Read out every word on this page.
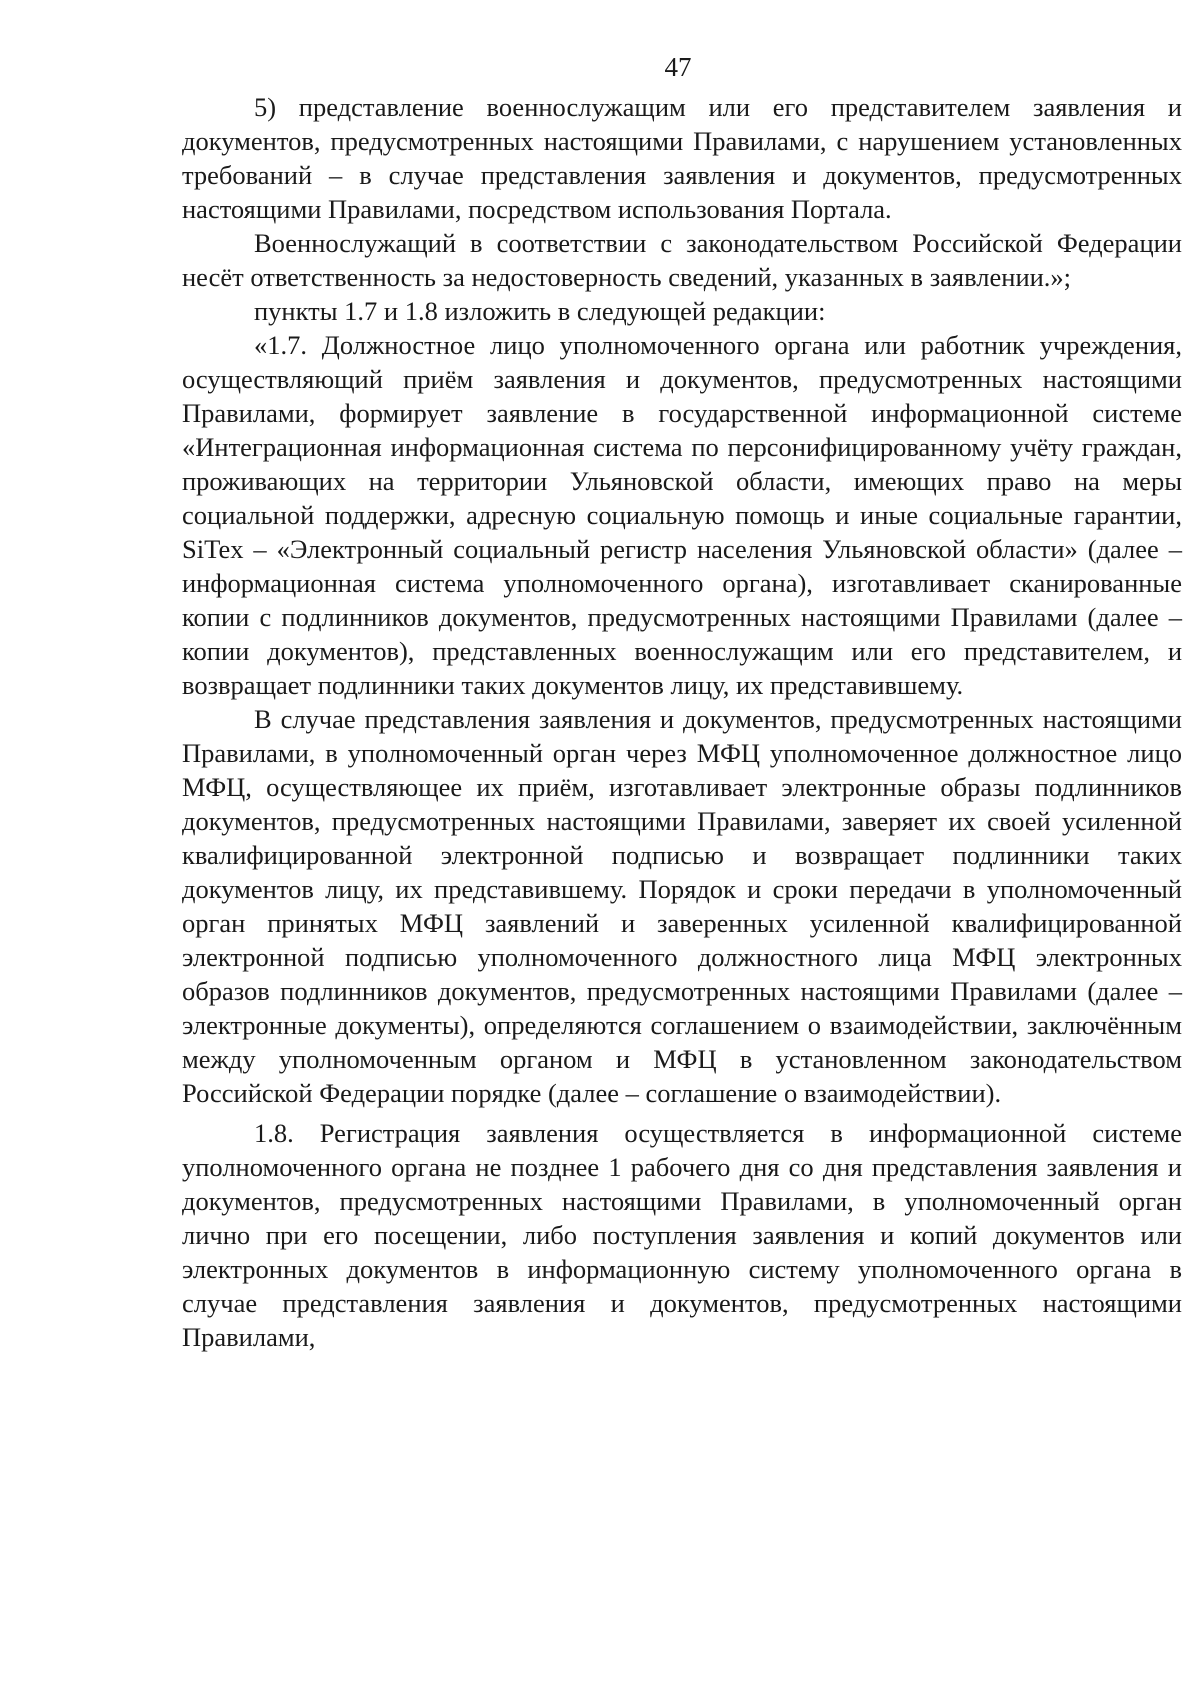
47

5) представление военнослужащим или его представителем заявления и документов, предусмотренных настоящими Правилами, с нарушением установленных требований – в случае представления заявления и документов, предусмотренных настоящими Правилами, посредством использования Портала.

Военнослужащий в соответствии с законодательством Российской Федерации несёт ответственность за недостоверность сведений, указанных в заявлении.»;

пункты 1.7 и 1.8 изложить в следующей редакции:

«1.7. Должностное лицо уполномоченного органа или работник учреждения, осуществляющий приём заявления и документов, предусмотренных настоящими Правилами, формирует заявление в государственной информационной системе «Интеграционная информационная система по персонифицированному учёту граждан, проживающих на территории Ульяновской области, имеющих право на меры социальной поддержки, адресную социальную помощь и иные социальные гарантии, SiTex – «Электронный социальный регистр населения Ульяновской области» (далее – информационная система уполномоченного органа), изготавливает сканированные копии с подлинников документов, предусмотренных настоящими Правилами (далее – копии документов), представленных военнослужащим или его представителем, и возвращает подлинники таких документов лицу, их представившему.

В случае представления заявления и документов, предусмотренных настоящими Правилами, в уполномоченный орган через МФЦ уполномоченное должностное лицо МФЦ, осуществляющее их приём, изготавливает электронные образы подлинников документов, предусмотренных настоящими Правилами, заверяет их своей усиленной квалифицированной электронной подписью и возвращает подлинники таких документов лицу, их представившему. Порядок и сроки передачи в уполномоченный орган принятых МФЦ заявлений и заверенных усиленной квалифицированной электронной подписью уполномоченного должностного лица МФЦ электронных образов подлинников документов, предусмотренных настоящими Правилами (далее – электронные документы), определяются соглашением о взаимодействии, заключённым между уполномоченным органом и МФЦ в установленном законодательством Российской Федерации порядке (далее – соглашение о взаимодействии).

1.8. Регистрация заявления осуществляется в информационной системе уполномоченного органа не позднее 1 рабочего дня со дня представления заявления и документов, предусмотренных настоящими Правилами, в уполномоченный орган лично при его посещении, либо поступления заявления и копий документов или электронных документов в информационную систему уполномоченного органа в случае представления заявления и документов, предусмотренных настоящими Правилами,
